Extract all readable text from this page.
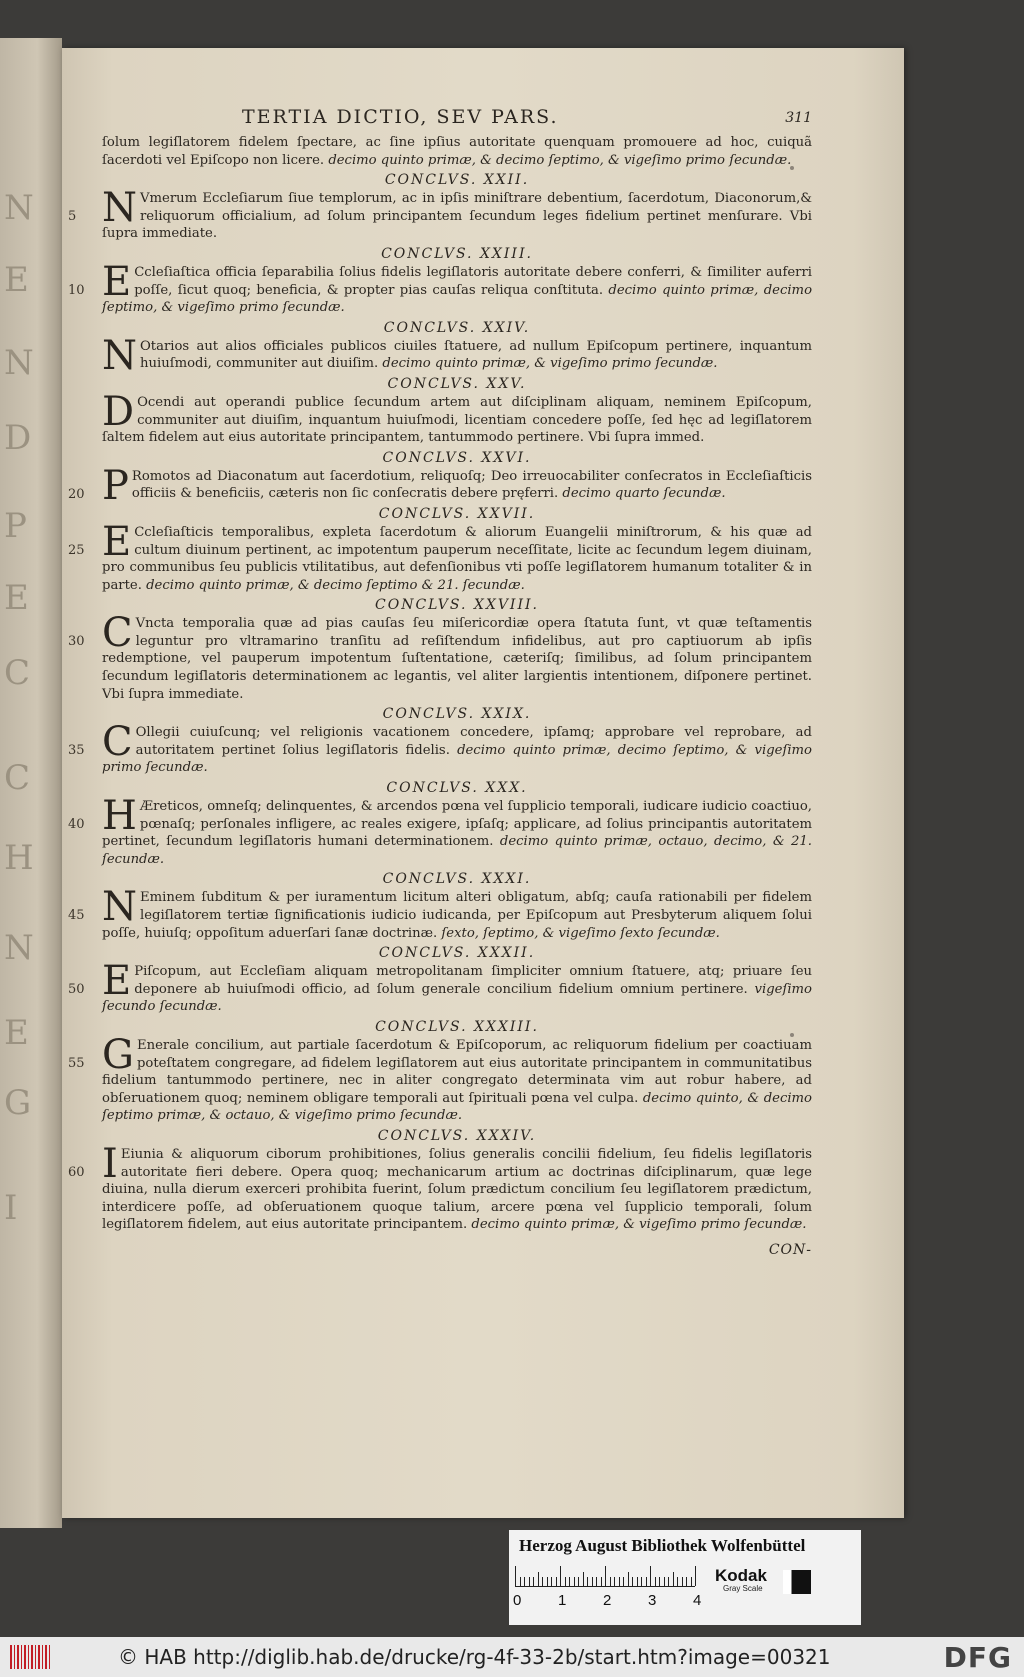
N
E
N
D
P
E
C
C
H
N
E
G
I
TERTIA DICTIO, SEV PARS.	311

ſolum legiſlatorem fidelem ſpectare, ac ſine ipſius autoritate quenquam promouere ad hoc, cuiquã ſacerdoti vel Epiſcopo non licere. decimo quinto primæ, & decimo ſeptimo, & vigeſimo primo ſecundæ.

CONCLVS. XXII.

NVmerum Eccleſiarum ſiue templorum, ac in ipſis miniſtrare debentium, ſacerdotum, Diaconorum,& reliquorum officialium, ad ſolum principantem ſecundum leges fidelium pertinet menſurare. Vbi ſupra immediate.
5

CONCLVS. XXIII.

ECcleſiaſtica officia ſeparabilia ſolius fidelis legiſlatoris autoritate debere conferri, & ſimiliter auferri poſſe, ſicut quoq; beneficia, & propter pias cauſas reliqua conſtituta. decimo quinto primæ, decimo ſeptimo, & vigeſimo primo ſecundæ.
10

CONCLVS. XXIV.

NOtarios aut alios officiales publicos ciuiles ſtatuere, ad nullum Epiſcopum pertinere, inquantum huiuſmodi, communiter aut diuiſim. decimo quinto primæ, & vigeſimo primo ſecundæ.

CONCLVS. XXV.

DOcendi aut operandi publice ſecundum artem aut diſciplinam aliquam, neminem Epiſcopum, communiter aut diuiſim, inquantum huiuſmodi, licentiam concedere poſſe, ſed hęc ad legiſlatorem ſaltem fidelem aut eius autoritate principantem, tantummodo pertinere. Vbi ſupra immed.

CONCLVS. XXVI.

PRomotos ad Diaconatum aut ſacerdotium, reliquoſq; Deo irreuocabiliter conſecratos in Eccleſiaſticis officiis & beneficiis, cæteris non ſic conſecratis debere pręferri. decimo quarto ſecundæ.
20

CONCLVS. XXVII.

ECcleſiaſticis temporalibus, expleta ſacerdotum & aliorum Euangelii miniſtrorum, & his quæ ad cultum diuinum pertinent, ac impotentum pauperum neceſſitate, licite ac ſecundum legem diuinam, pro communibus ſeu publicis vtilitatibus, aut defenſionibus vti poſſe legiſlatorem humanum totaliter & in parte. decimo quinto primæ, & decimo ſeptimo & 21. ſecundæ.
25

CONCLVS. XXVIII.

CVncta temporalia quæ ad pias cauſas ſeu miſericordiæ opera ſtatuta ſunt, vt quæ teſtamentis leguntur pro vltramarino tranſitu ad reſiſtendum infidelibus, aut pro captiuorum ab ipſis redemptione, vel pauperum impotentum ſuſtentatione, cæteriſq; ſimilibus, ad ſolum principantem ſecundum legiſlatoris determinationem ac legantis, vel aliter largientis intentionem, diſponere pertinet. Vbi ſupra immediate.
30

CONCLVS. XXIX.

COllegii cuiuſcunq; vel religionis vacationem concedere, ipſamq; approbare vel reprobare, ad autoritatem pertinet ſolius legiſlatoris fidelis. decimo quinto primæ, decimo ſeptimo, & vigeſimo primo ſecundæ.
35

CONCLVS. XXX.

HÆreticos, omneſq; delinquentes, & arcendos pœna vel ſupplicio temporali, iudicare iudicio coactiuo, pœnaſq; perſonales infligere, ac reales exigere, ipſaſq; applicare, ad ſolius principantis autoritatem pertinet, ſecundum legiſlatoris humani determinationem. decimo quinto primæ, octauo, decimo, & 21. ſecundæ.
40

CONCLVS. XXXI.

NEminem ſubditum & per iuramentum licitum alteri obligatum, abſq; cauſa rationabili per fidelem legiſlatorem tertiæ ſignificationis iudicio iudicanda, per Epiſcopum aut Presbyterum aliquem ſolui poſſe, huiuſq; oppoſitum aduerſari ſanæ doctrinæ. ſexto, ſeptimo, & vigeſimo ſexto ſecundæ.
45

CONCLVS. XXXII.

EPiſcopum, aut Eccleſiam aliquam metropolitanam ſimpliciter omnium ſtatuere, atq; priuare ſeu deponere ab huiuſmodi officio, ad ſolum generale concilium fidelium omnium pertinere. vigeſimo ſecundo ſecundæ.
50

CONCLVS. XXXIII.

GEnerale concilium, aut partiale ſacerdotum & Epiſcoporum, ac reliquorum fidelium per coactiuam poteſtatem congregare, ad fidelem legiſlatorem aut eius autoritate principantem in communitatibus fidelium tantummodo pertinere, nec in aliter congregato determinata vim aut robur habere, ad obſeruationem quoq; neminem obligare temporali aut ſpirituali pœna vel culpa. decimo quinto, & decimo ſeptimo primæ, & octauo, & vigeſimo primo ſecundæ.
55

CONCLVS. XXXIV.

IEiunia & aliquorum ciborum prohibitiones, ſolius generalis concilii fidelium, ſeu fidelis legiſlatoris autoritate fieri debere. Opera quoq; mechanicarum artium ac doctrinas diſciplinarum, quæ lege diuina, nulla dierum exerceri prohibita fuerint, ſolum prædictum concilium ſeu legiſlatorem prædictum, interdicere poſſe, ad obſeruationem quoque talium, arcere pœna vel ſupplicio temporali, ſolum legiſlatorem fidelem, aut eius autoritate principantem. decimo quinto primæ, & vigeſimo primo ſecundæ.
60

CON-
Herzog August Bibliothek Wolfenbüttel
0 1 2 3 4
Kodak
Gray Scale
© HAB http://diglib.hab.de/drucke/rg-4f-33-2b/start.htm?image=00321	DFG
